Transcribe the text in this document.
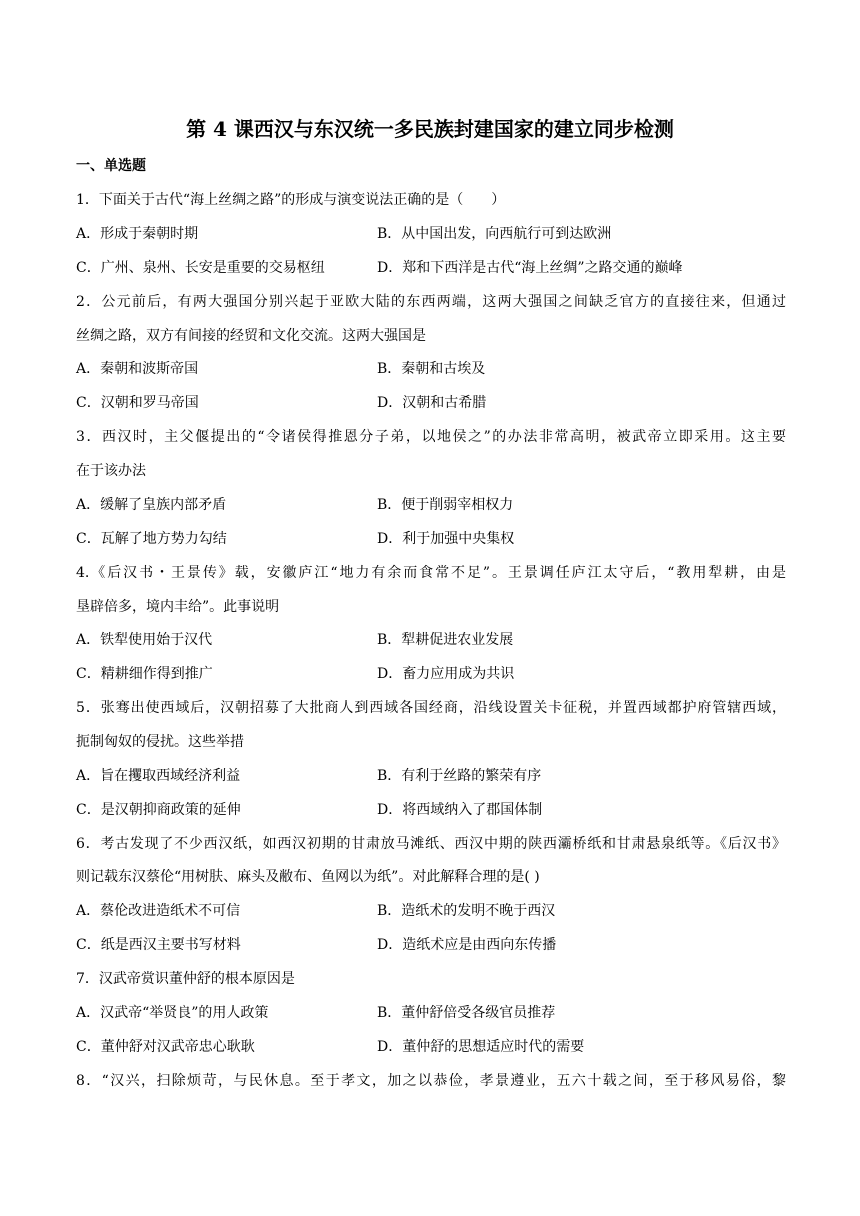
第 4 课西汉与东汉统一多民族封建国家的建立同步检测
一、单选题
1．下面关于古代“海上丝绸之路”的形成与演变说法正确的是（　　）
A．形成于秦朝时期	B．从中国出发，向西航行可到达欧洲
C．广州、泉州、长安是重要的交易枢纽	D．郑和下西洋是古代“海上丝绸”之路交通的巅峰
2．公元前后，有两大强国分别兴起于亚欧大陆的东西两端，这两大强国之间缺乏官方的直接往来，但通过
丝绸之路，双方有间接的经贸和文化交流。这两大强国是
A．秦朝和波斯帝国	B．秦朝和古埃及
C．汉朝和罗马帝国	D．汉朝和古希腊
3．西汉时，主父偃提出的“令诸侯得推恩分子弟，以地侯之”的办法非常高明，被武帝立即采用。这主要
在于该办法
A．缓解了皇族内部矛盾	B．便于削弱宰相权力
C．瓦解了地方势力勾结	D．利于加强中央集权
4.《后汉书・王景传》载，安徽庐江“地力有余而食常不足”。王景调任庐江太守后，“教用犁耕，由是
垦辟倍多，境内丰给”。此事说明
A．铁犁使用始于汉代	B．犁耕促进农业发展
C．精耕细作得到推广	D．畜力应用成为共识
5．张骞出使西域后，汉朝招募了大批商人到西域各国经商，沿线设置关卡征税，并置西域都护府管辖西域，
扼制匈奴的侵扰。这些举措
A．旨在攫取西域经济利益	B．有利于丝路的繁荣有序
C．是汉朝抑商政策的延伸	D．将西域纳入了郡国体制
6．考古发现了不少西汉纸，如西汉初期的甘肃放马滩纸、西汉中期的陕西灞桥纸和甘肃悬泉纸等。《后汉书》
则记载东汉蔡伦“用树肤、麻头及敝布、鱼网以为纸”。对此解释合理的是( )
A．蔡伦改进造纸术不可信	B．造纸术的发明不晚于西汉
C．纸是西汉主要书写材料	D．造纸术应是由西向东传播
7．汉武帝赏识董仲舒的根本原因是
A．汉武帝“举贤良”的用人政策	B．董仲舒倍受各级官员推荐
C．董仲舒对汉武帝忠心耿耿	D．董仲舒的思想适应时代的需要
8．“汉兴，扫除烦苛，与民休息。至于孝文，加之以恭俭，孝景遵业，五六十载之间，至于移风易俗，黎
